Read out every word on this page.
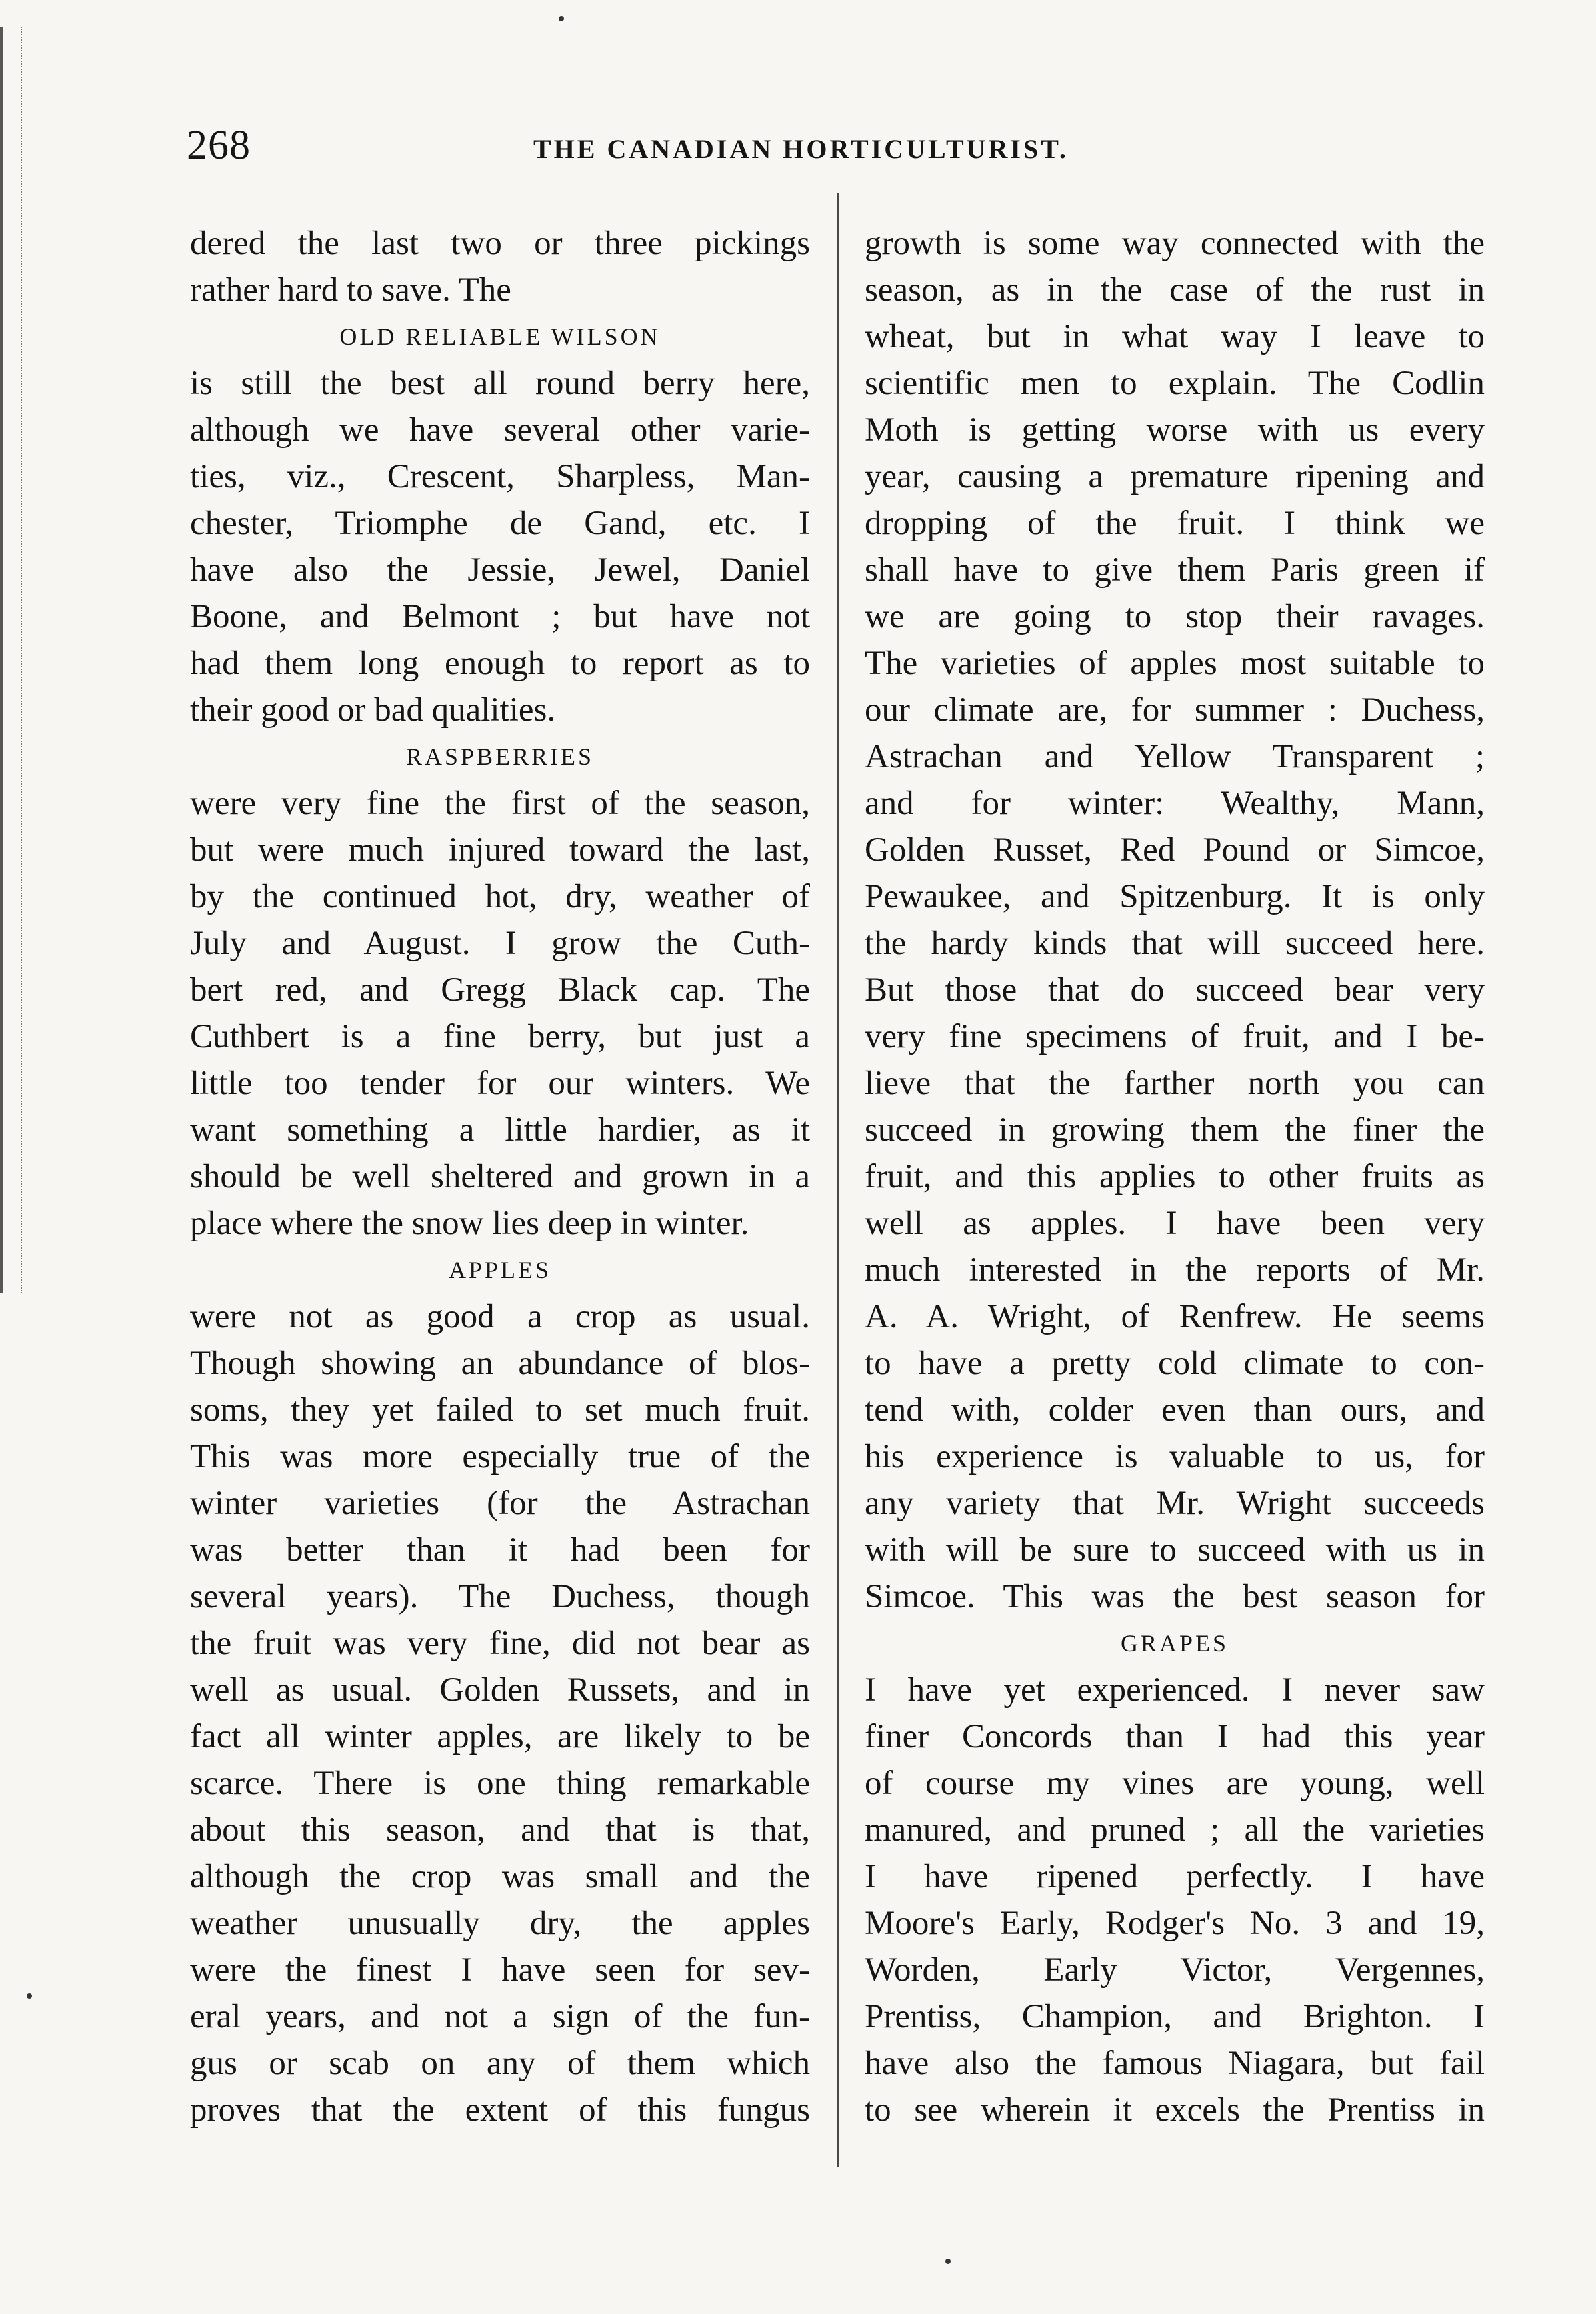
268	THE CANADIAN HORTICULTURIST.
dered the last two or three pickings
rather hard to save. The
OLD RELIABLE WILSON
is still the best all round berry here,
although we have several other varie-
ties, viz., Crescent, Sharpless, Man-
chester, Triomphe de Gand, etc. I
have also the Jessie, Jewel, Daniel
Boone, and Belmont ; but have not
had them long enough to report as to
their good or bad qualities.
RASPBERRIES
were very fine the first of the season,
but were much injured toward the last,
by the continued hot, dry, weather of
July and August. I grow the Cuth-
bert red, and Gregg Black cap. The
Cuthbert is a fine berry, but just a
little too tender for our winters. We
want something a little hardier, as it
should be well sheltered and grown in a
place where the snow lies deep in winter.
APPLES
were not as good a crop as usual.
Though showing an abundance of blos-
soms, they yet failed to set much fruit.
This was more especially true of the
winter varieties (for the Astrachan
was better than it had been for
several years). The Duchess, though
the fruit was very fine, did not bear as
well as usual. Golden Russets, and in
fact all winter apples, are likely to be
scarce. There is one thing remarkable
about this season, and that is that,
although the crop was small and the
weather unusually dry, the apples
were the finest I have seen for sev-
eral years, and not a sign of the fun-
gus or scab on any of them which
proves that the extent of this fungus
growth is some way connected with the
season, as in the case of the rust in
wheat, but in what way I leave to
scientific men to explain. The Codlin
Moth is getting worse with us every
year, causing a premature ripening and
dropping of the fruit. I think we
shall have to give them Paris green if
we are going to stop their ravages.
The varieties of apples most suitable to
our climate are, for summer : Duchess,
Astrachan and Yellow Transparent ;
and for winter: Wealthy, Mann,
Golden Russet, Red Pound or Simcoe,
Pewaukee, and Spitzenburg. It is only
the hardy kinds that will succeed here.
But those that do succeed bear very
very fine specimens of fruit, and I be-
lieve that the farther north you can
succeed in growing them the finer the
fruit, and this applies to other fruits as
well as apples. I have been very
much interested in the reports of Mr.
A. A. Wright, of Renfrew. He seems
to have a pretty cold climate to con-
tend with, colder even than ours, and
his experience is valuable to us, for
any variety that Mr. Wright succeeds
with will be sure to succeed with us in
Simcoe. This was the best season for
GRAPES
I have yet experienced. I never saw
finer Concords than I had this year
of course my vines are young, well
manured, and pruned ; all the varieties
I have ripened perfectly. I have
Moore's Early, Rodger's No. 3 and 19,
Worden, Early Victor, Vergennes,
Prentiss, Champion, and Brighton. I
have also the famous Niagara, but fail
to see wherein it excels the Prentiss in
